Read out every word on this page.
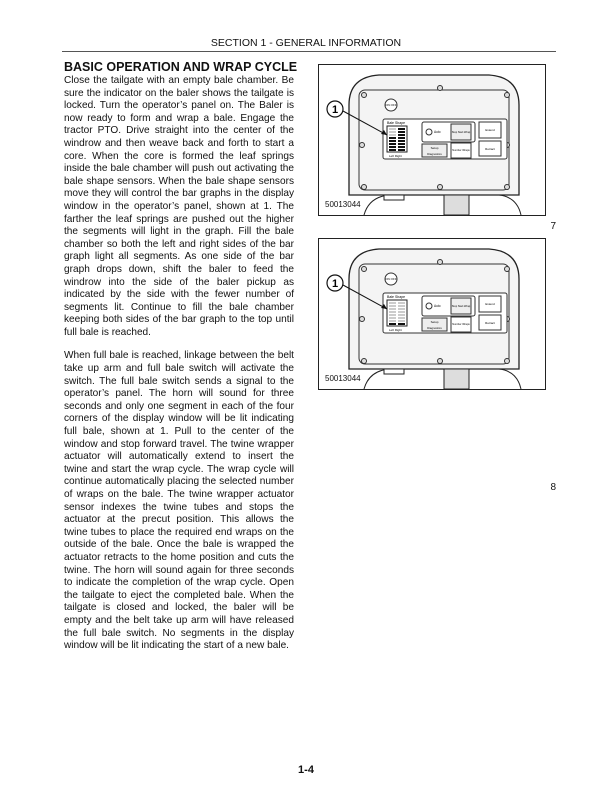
SECTION 1 - GENERAL INFORMATION
BASIC OPERATION AND WRAP CYCLE

Close the tailgate with an empty bale chamber. Be sure the indicator on the baler shows the tailgate is locked. Turn the operator’s panel on. The Baler is now ready to form and wrap a bale. Engage the tractor PTO. Drive straight into the center of the windrow and then weave back and forth to start a core. When the core is formed the leaf springs inside the bale chamber will push out activating the bale shape sensors. When the bale shape sensors move they will control the bar graphs in the display window in the operator’s panel, shown at 1. The farther the leaf springs are pushed out the higher the segments will light in the graph. Fill the bale chamber so both the left and right sides of the bar graph light all segments. As one side of the bar graph drops down, shift the baler to feed the windrow into the side of the baler pickup as indicated by the side with the fewer number of segments lit. Continue to fill the bale chamber keeping both sides of the bar graph to the top until full bale is reached.

When full bale is reached, linkage between the belt take up arm and full bale switch will activate the switch. The full bale switch sends a signal to the operator’s panel. The horn will sound for three seconds and only one segment in each of the four corners of the display window will be lit indicating full bale, shown at 1. Pull to the center of the window and stop forward travel. The twine wrapper actuator will automatically extend to insert the twine and start the wrap cycle. The wrap cycle will continue automatically placing the selected number of wraps on the bale. The twine wrapper actuator sensor indexes the twine tubes and stops the actuator at the precut position. This allows the twine tubes to place the required end wraps on the outside of the bale. Once the bale is wrapped the actuator retracts to the home position and cuts the twine. The horn will sound again for three seconds to indicate the completion of the wrap cycle. Open the tailgate to eject the completed bale. When the tailgate is closed and locked, the baler will be empty and the belt take up arm will have released the full bale switch. No segments in the display window will be lit indicating the start of a new bale.

ON OFF
Bale Shape
Left Right
Auto	Stop Start Wrap
Extend
Retract
Setup
Diagnostics
Number Wraps
1
50013044
7
ON OFF
Bale Shape
Left Right
Auto	Stop Start Wrap
Extend
Retract
Setup
Diagnostics
Number Wraps
1
50013044
8
1-4
